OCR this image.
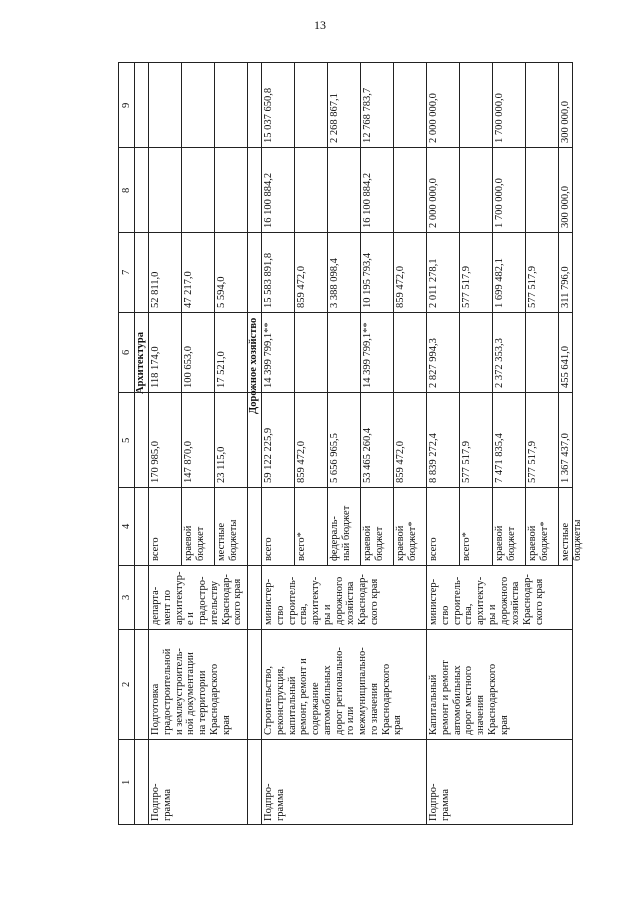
13
1
2
3
4
5
6
7
8
9
Архитектура
Подпро-
грамма
Подготовка
градостроительной
и землеустроитель-
ной документации
на территории
Краснодарского
края
департа-
мент по
архитектур-
е и
градостро-
ительству
Краснодар-
ского края
всего
170 985,0
118 174,0
52 811,0
краевой
бюджет
147 870,0
100 653,0
47 217,0
местные
бюджеты
23 115,0
17 521,0
5 594,0
Дорожное хозяйство
Подпро-
грамма
Строительство,
реконструкция,
капитальный
ремонт, ремонт и
содержание
автомобильных
дорог регионально-
го или
межмуниципально-
го значения
Краснодарского
края
министер-
ство
строитель-
ства,
архитекту-
ры и
дорожного
хозяйства
Краснодар-
ского края
всего
59 122 225,9
14 399 799,1**
15 583 891,8
16 100 884,2
15 037 650,8
всего*
859 472,0
859 472,0
федераль-
ный бюджет
5 656 965,5
3 388 098,4
2 268 867,1
краевой
бюджет
53 465 260,4
14 399 799,1**
10 195 793,4
16 100 884,2
12 768 783,7
краевой
бюджет*
859 472,0
859 472,0
Подпро-
грамма
Капитальный
ремонт и ремонт
автомобильных
дорог местного
значения
Краснодарского
края
министер-
ство
строитель-
ства,
архитекту-
ры и
дорожного
хозяйства
Краснодар-
ского края
всего
8 839 272,4
2 827 994,3
2 011 278,1
2 000 000,0
2 000 000,0
всего*
577 517,9
577 517,9
краевой
бюджет
7 471 835,4
2 372 353,3
1 699 482,1
1 700 000,0
1 700 000,0
краевой
бюджет*
577 517,9
577 517,9
местные
бюджеты
1 367 437,0
455 641,0
311 796,0
300 000,0
300 000,0
